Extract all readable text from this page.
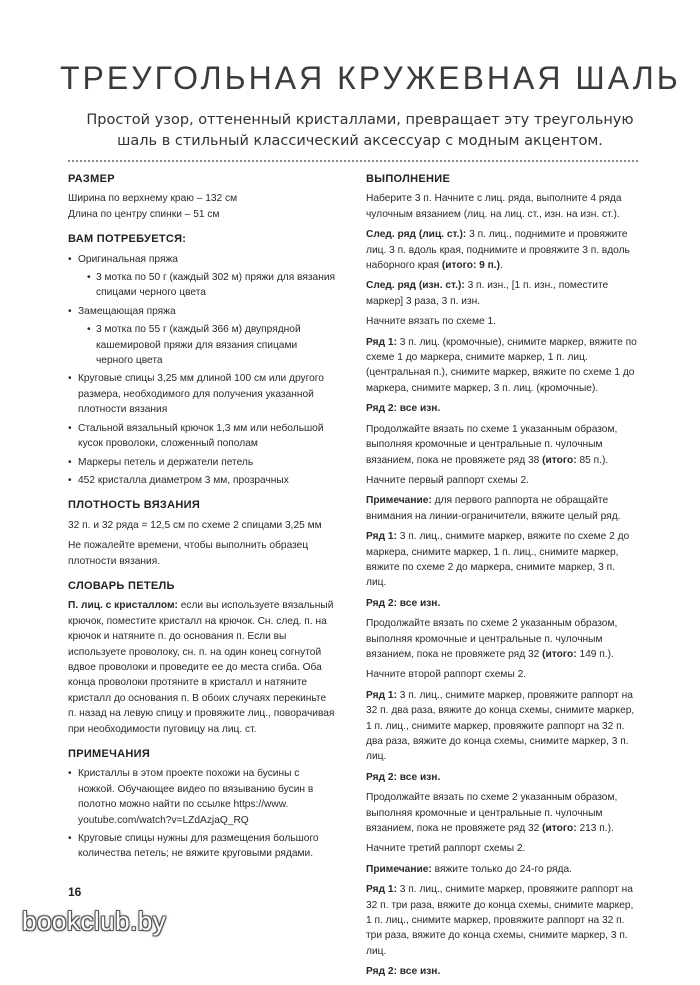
ТРЕУГОЛЬНАЯ КРУЖЕВНАЯ ШАЛЬ
Простой узор, оттененный кристаллами, превращает эту треугольную шаль в стильный классический аксессуар с модным акцентом.
РАЗМЕР

Ширина по верхнему краю – 132 см

Длина по центру спинки – 51 см

ВАМ ПОТРЕБУЕТСЯ:
• Оригинальная пряжа
• 3 мотка по 50 г (каждый 302 м) пряжи для вязания спицами черного цвета
• Замещающая пряжа
• 3 мотка по 55 г (каждый 366 м) двупрядной кашемировой пряжи для вязания спицами черного цвета
• Круговые спицы 3,25 мм длиной 100 см или другого размера, необходимого для получения указанной плотности вязания
• Стальной вязальный крючок 1,3 мм или небольшой кусок проволоки, сложенный пополам
• Маркеры петель и держатели петель
• 452 кристалла диаметром 3 мм, прозрачных
ПЛОТНОСТЬ ВЯЗАНИЯ

32 п. и 32 ряда = 12,5 см по схеме 2 спицами 3,25 мм

Не пожалейте времени, чтобы выполнить образец плотности вязания.

СЛОВАРЬ ПЕТЕЛЬ

П. лиц. с кристаллом: если вы используете вязальный крючок, поместите кристалл на крючок. Сн. след. п. на крючок и натяните п. до основания п. Если вы используете проволоку, сн. п. на один конец согнутой вдвое проволоки и проведите ее до места сгиба. Оба конца проволоки протяните в кристалл и натяните кристалл до основания п. В обоих случаях перекиньте п. назад на левую спицу и провяжите лиц., поворачивая при необходимости пуговицу на лиц. ст.

ПРИМЕЧАНИЯ
• Кристаллы в этом проекте похожи на бусины с ножкой. Обучающее видео по вязыванию бусин в полотно можно найти по ссылке https://www. youtube.com/watch?v=LZdAzjaQ_RQ
• Круговые спицы нужны для размещения большого количества петель; не вяжите круговыми рядами.
ВЫПОЛНЕНИЕ

Наберите 3 п. Начните с лиц. ряда, выполните 4 ряда чулочным вязанием (лиц. на лиц. ст., изн. на изн. ст.).

След. ряд (лиц. ст.): 3 п. лиц., поднимите и провяжите лиц. 3 п. вдоль края, поднимите и провяжите 3 п. вдоль наборного края (итого: 9 п.).

След. ряд (изн. ст.): 3 п. изн., [1 п. изн., поместите маркер] 3 раза, 3 п. изн.

Начните вязать по схеме 1.

Ряд 1: 3 п. лиц. (кромочные), снимите маркер, вяжите по схеме 1 до маркера, снимите маркер, 1 п. лиц. (центральная п.), снимите маркер, вяжите по схеме 1 до маркера, снимите маркер, 3 п. лиц. (кромочные).

Ряд 2: все изн.

Продолжайте вязать по схеме 1 указанным образом, выполняя кромочные и центральные п. чулочным вязанием, пока не провяжете ряд 38 (итого: 85 п.).

Начните первый раппорт схемы 2.

Примечание: для первого раппорта не обращайте внимания на линии-ограничители, вяжите целый ряд.

Ряд 1: 3 п. лиц., снимите маркер, вяжите по схеме 2 до маркера, снимите маркер, 1 п. лиц., снимите маркер, вяжите по схеме 2 до маркера, снимите маркер, 3 п. лиц.

Ряд 2: все изн.

Продолжайте вязать по схеме 2 указанным образом, выполняя кромочные и центральные п. чулочным вязанием, пока не провяжете ряд 32 (итого: 149 п.).

Начните второй раппорт схемы 2.

Ряд 1: 3 п. лиц., снимите маркер, провяжите раппорт на 32 п. два раза, вяжите до конца схемы, снимите маркер, 1 п. лиц., снимите маркер, провяжите раппорт на 32 п. два раза, вяжите до конца схемы, снимите маркер, 3 п. лиц.

Ряд 2: все изн.

Продолжайте вязать по схеме 2 указанным образом, выполняя кромочные и центральные п. чулочным вязанием, пока не провяжете ряд 32 (итого: 213 п.).

Начните третий раппорт схемы 2.

Примечание: вяжите только до 24-го ряда.

Ряд 1: 3 п. лиц., снимите маркер, провяжите раппорт на 32 п. три раза, вяжите до конца схемы, снимите маркер, 1 п. лиц., снимите маркер, провяжите раппорт на 32 п. три раза, вяжите до конца схемы, снимите маркер, 3 п. лиц.

Ряд 2: все изн.

16
bookclub.by
